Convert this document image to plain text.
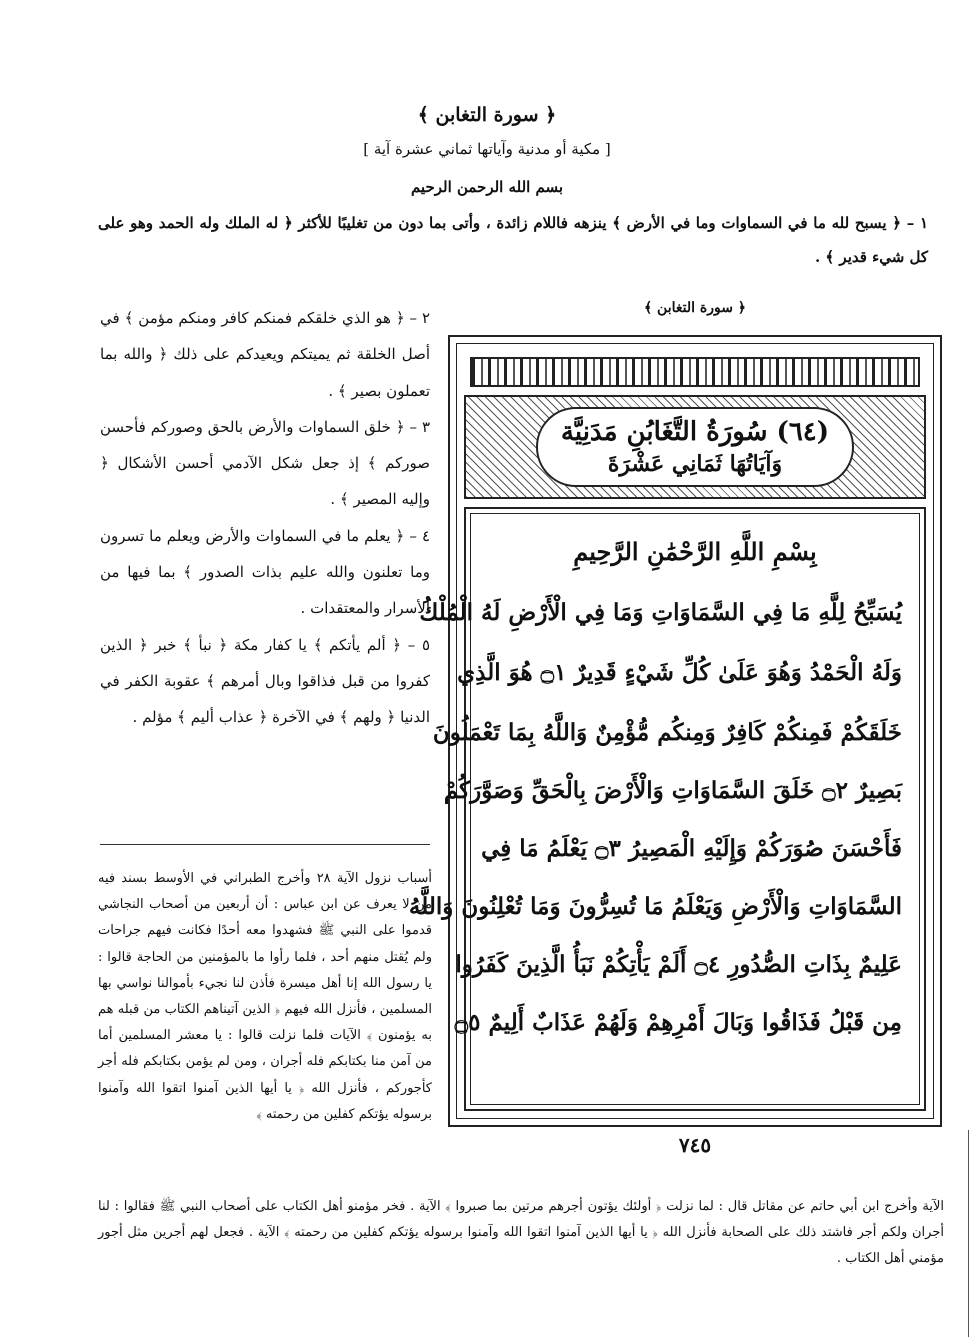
﴿ سورة التغابن ﴾
[ مكية أو مدنية وآياتها ثماني عشرة آية ]
بسم الله الرحمن الرحيم
١ – ﴿ يسبح لله ما في السماوات وما في الأرض ﴾ ينزهه فاللام زائدة ، وأتى بما دون من تغليبًا للأكثر ﴿ له الملك وله الحمد وهو على كل شيء قدير ﴾ .

٢ – ﴿ هو الذي خلقكم فمنكم كافر ومنكم مؤمن ﴾ في أصل الخلقة ثم يميتكم ويعيدكم على ذلك ﴿ والله بما تعملون بصير ﴾ .

٣ – ﴿ خلق السماوات والأرض بالحق وصوركم فأحسن صوركم ﴾ إذ جعل شكل الآدمي أحسن الأشكال ﴿ وإليه المصير ﴾ .

٤ – ﴿ يعلم ما في السماوات والأرض ويعلم ما تسرون وما تعلنون والله عليم بذات الصدور ﴾ بما فيها من الأسرار والمعتقدات .

٥ – ﴿ ألم يأتكم ﴾ يا كفار مكة ﴿ نبأ ﴾ خبر ﴿ الذين كفروا من قبل فذاقوا وبال أمرهم ﴾ عقوبة الكفر في الدنيا ﴿ ولهم ﴾ في الآخرة ﴿ عذاب أليم ﴾ مؤلم .

﴿ سورة التغابن ﴾
(٦٤) سُورَةُ التَّغَابُنِ مَدَنِيَّة
وَآيَاتُهَا ثَمَانِي عَشْرَةَ
بِسْمِ اللَّهِ الرَّحْمَٰنِ الرَّحِيمِ
يُسَبِّحُ لِلَّهِ مَا فِي السَّمَاوَاتِ وَمَا فِي الْأَرْضِ لَهُ الْمُلْكُ
وَلَهُ الْحَمْدُ وَهُوَ عَلَىٰ كُلِّ شَيْءٍ قَدِيرٌ ۝١ هُوَ الَّذِي
خَلَقَكُمْ فَمِنكُمْ كَافِرٌ وَمِنكُم مُّؤْمِنٌ وَاللَّهُ بِمَا تَعْمَلُونَ
بَصِيرٌ ۝٢ خَلَقَ السَّمَاوَاتِ وَالْأَرْضَ بِالْحَقِّ وَصَوَّرَكُمْ
فَأَحْسَنَ صُوَرَكُمْ وَإِلَيْهِ الْمَصِيرُ ۝٣ يَعْلَمُ مَا فِي
السَّمَاوَاتِ وَالْأَرْضِ وَيَعْلَمُ مَا تُسِرُّونَ وَمَا تُعْلِنُونَ وَاللَّهُ
عَلِيمٌ بِذَاتِ الصُّدُورِ ۝٤ أَلَمْ يَأْتِكُمْ نَبَأُ الَّذِينَ كَفَرُوا
مِن قَبْلُ فَذَاقُوا وَبَالَ أَمْرِهِمْ وَلَهُمْ عَذَابٌ أَلِيمٌ ۝٥
٧٤٥

أسباب نزول الآية ٢٨ وأخرج الطبراني في الأوسط بسند فيه من لا يعرف عن ابن عباس : أن أربعين من أصحاب النجاشي قدموا على النبي ﷺ فشهدوا معه أحدًا فكانت فيهم جراحات ولم يُقتل منهم أحد ، فلما رأوا ما بالمؤمنين من الحاجة قالوا : يا رسول الله إنا أهل ميسرة فأذن لنا نجيء بأموالنا نواسي بها المسلمين ، فأنزل الله فيهم ﴿ الذين آتيناهم الكتاب من قبله هم به يؤمنون ﴾ الآيات فلما نزلت قالوا : يا معشر المسلمين أما من آمن منا بكتابكم فله أجران ، ومن لم يؤمن بكتابكم فله أجر كأجوركم ، فأنزل الله ﴿ يا أيها الذين آمنوا اتقوا الله وآمنوا برسوله يؤتكم كفلين من رحمته ﴾

الآية وأخرج ابن أبي حاتم عن مقاتل قال : لما نزلت ﴿ أولئك يؤتون أجرهم مرتين بما صبروا ﴾ الآية . فخر مؤمنو أهل الكتاب على أصحاب النبي ﷺ فقالوا : لنا أجران ولكم أجر فاشتد ذلك على الصحابة فأنزل الله ﴿ يا أيها الذين آمنوا اتقوا الله وآمنوا برسوله يؤتكم كفلين من رحمته ﴾ الآية . فجعل لهم أجرين مثل أجور مؤمني أهل الكتاب .
